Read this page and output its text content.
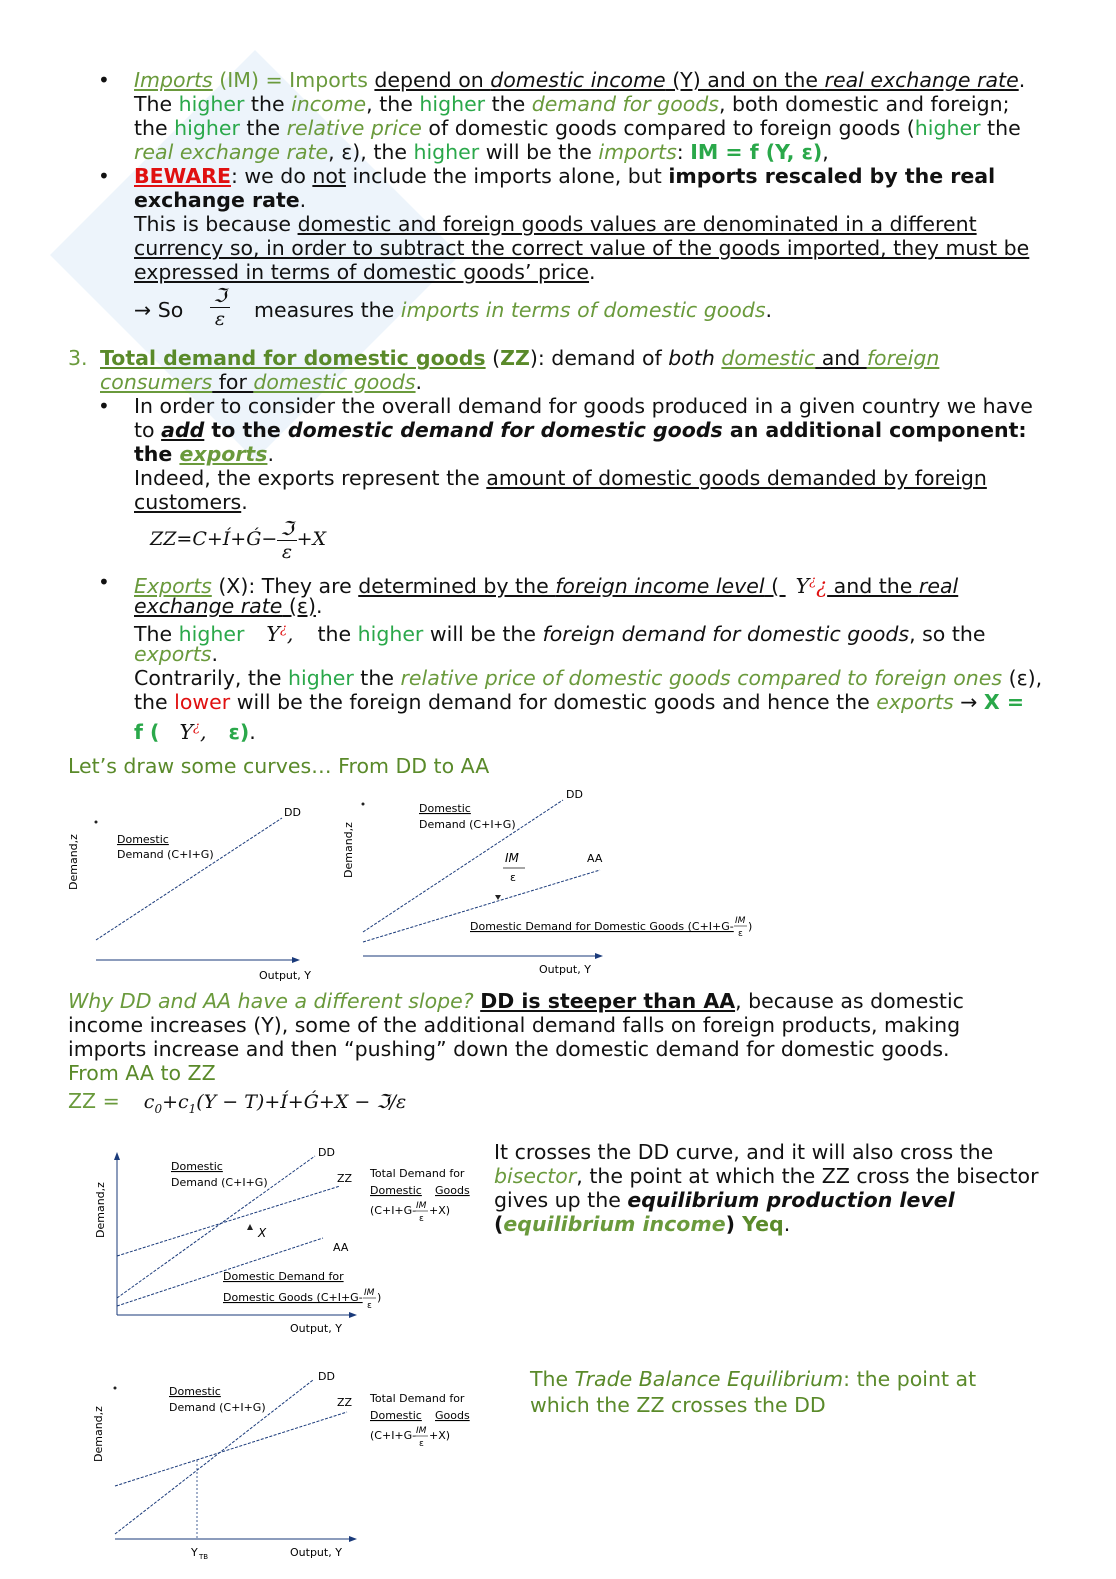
• Imports (IM) = Imports depend on domestic income (Y) and on the real exchange rate.
The higher the income, the higher the demand for goods, both domestic and foreign;
the higher the relative price of domestic goods compared to foreign goods (higher the
real exchange rate, ε), the higher will be the imports: IM = f (Y, ε),
• BEWARE: we do not include the imports alone, but imports rescaled by the real
exchange rate.
This is because domestic and foreign goods values are denominated in a different
currency so, in order to subtract the correct value of the goods imported, they must be
expressed in terms of domestic goods’ price.
→ So
ℑ
ε measures the imports in terms of domestic goods.
3. Total demand for domestic goods (ZZ): demand of both domestic and foreign
consumers for domestic goods.
• In order to consider the overall demand for goods produced in a given country we have
to add to the domestic demand for domestic goods an additional component:
the exports.
Indeed, the exports represent the amount of domestic goods demanded by foreign
customers.
ZZ=C+Í+Ǵ− $\frac{\text{ℑ}}{\varepsilon} +X$
• Exports (X): They are determined by the foreign income level ( Y¿¿ and the real
exchange rate (ε).
The higher Y¿, the higher will be the foreign demand for domestic goods, so the
exports.
Contrarily, the higher the relative price of domestic goods compared to foreign ones (ε),
the lower will be the foreign demand for domestic goods and hence the exports → X =
f ( Y¿, ε).
Let’s draw some curves… From DD to AA
DD
Domestic
Demand (C+I+G)
Output, Y
Demand,z
DD
AA
Domestic
Demand (C+I+G)
IM
ε
Domestic Demand for Domestic Goods (C+I+G- IM
ε
)
Output, Y
Demand,z
Why DD and AA have a different slope? DD is steeper than AA, because as domestic
income increases (Y), some of the additional demand falls on foreign products, making
imports increase and then “pushing” down the domestic demand for domestic goods.
From AA to ZZ
ZZ = $c_0+c_1(Y$ − T)+Í+Ǵ+X − ℑ/ε
DD
ZZ
AA
X
Domestic
Demand (C+I+G)
Total Demand for
Domestic Goods
(C+I+G- IM
ε
+X)
Domestic Demand for
Domestic Goods (C+I+G- IM
ε
)
Output, Y
Demand,z
It crosses the DD curve, and it will also cross the
bisector, the point at which the ZZ cross the bisector
gives up the equilibrium production level
(equilibrium income) Yeq.
DD
ZZ
Domestic
Demand (C+I+G)
Total Demand for
Domestic Goods
(C+I+G- IM
ε
+X)
Y TB	Output, Y
Demand,z
The Trade Balance Equilibrium: the point at
which the ZZ crosses the DD
